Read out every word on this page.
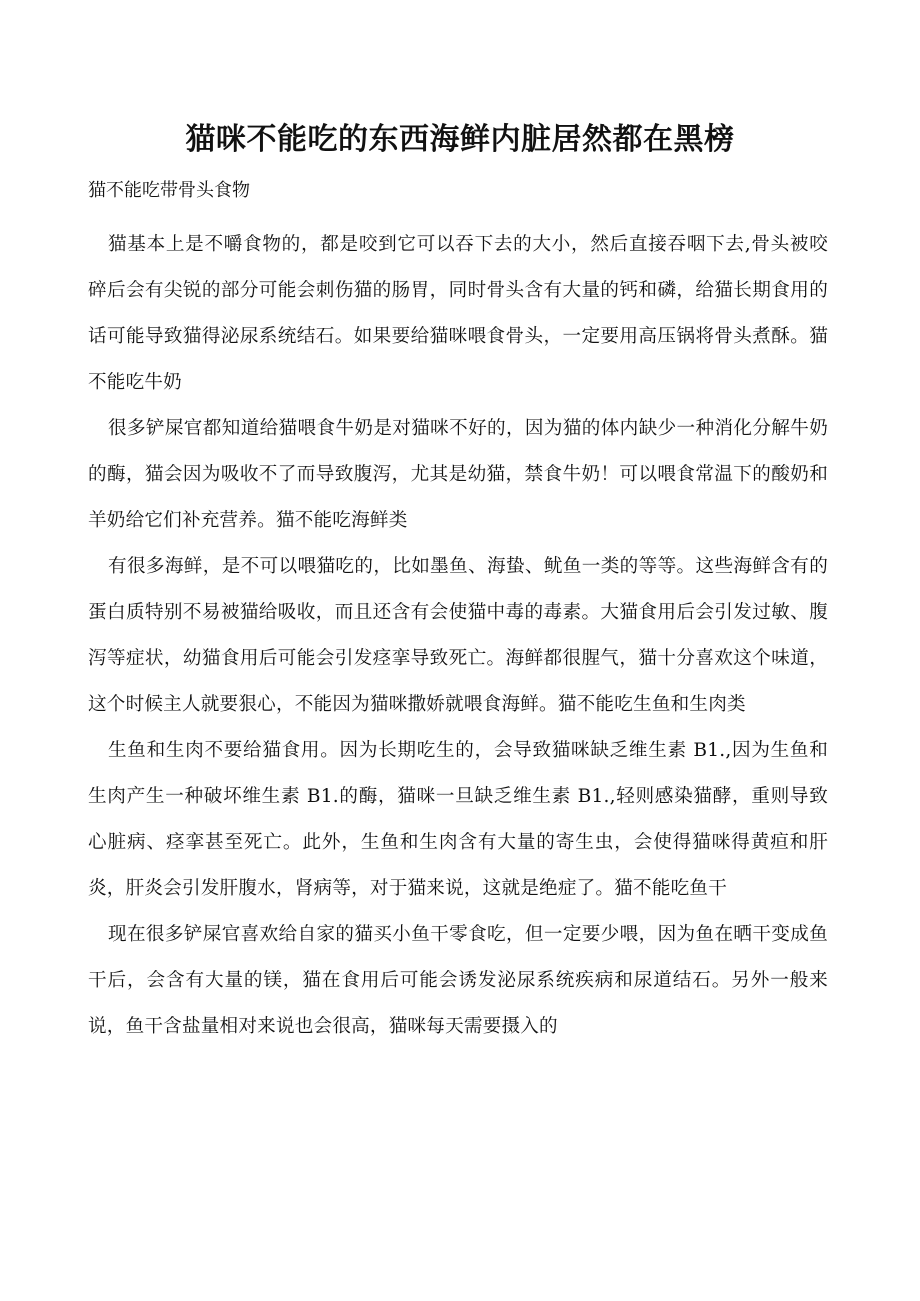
猫咪不能吃的东西海鲜内脏居然都在黑榜

猫不能吃带骨头食物

猫基本上是不嚼食物的，都是咬到它可以吞下去的大小，然后直接吞咽下去,骨头被咬碎后会有尖锐的部分可能会刺伤猫的肠胃，同时骨头含有大量的钙和磷，给猫长期食用的话可能导致猫得泌尿系统结石。如果要给猫咪喂食骨头，一定要用高压锅将骨头煮酥。猫不能吃牛奶

很多铲屎官都知道给猫喂食牛奶是对猫咪不好的，因为猫的体内缺少一种消化分解牛奶的酶，猫会因为吸收不了而导致腹泻，尤其是幼猫，禁食牛奶！可以喂食常温下的酸奶和羊奶给它们补充营养。猫不能吃海鲜类

有很多海鲜，是不可以喂猫吃的，比如墨鱼、海蛰、鱿鱼一类的等等。这些海鲜含有的蛋白质特别不易被猫给吸收，而且还含有会使猫中毒的毒素。大猫食用后会引发过敏、腹泻等症状，幼猫食用后可能会引发痉挛导致死亡。海鲜都很腥气，猫十分喜欢这个味道，这个时候主人就要狠心，不能因为猫咪撒娇就喂食海鲜。猫不能吃生鱼和生肉类

生鱼和生肉不要给猫食用。因为长期吃生的，会导致猫咪缺乏维生素 B1.,因为生鱼和生肉产生一种破坏维生素 B1.的酶，猫咪一旦缺乏维生素 B1.,轻则感染猫酵，重则导致心脏病、痉挛甚至死亡。此外，生鱼和生肉含有大量的寄生虫，会使得猫咪得黄疸和肝炎，肝炎会引发肝腹水，肾病等，对于猫来说，这就是绝症了。猫不能吃鱼干

现在很多铲屎官喜欢给自家的猫买小鱼干零食吃，但一定要少喂，因为鱼在晒干变成鱼干后，会含有大量的镁，猫在食用后可能会诱发泌尿系统疾病和尿道结石。另外一般来说，鱼干含盐量相对来说也会很高，猫咪每天需要摄入的
